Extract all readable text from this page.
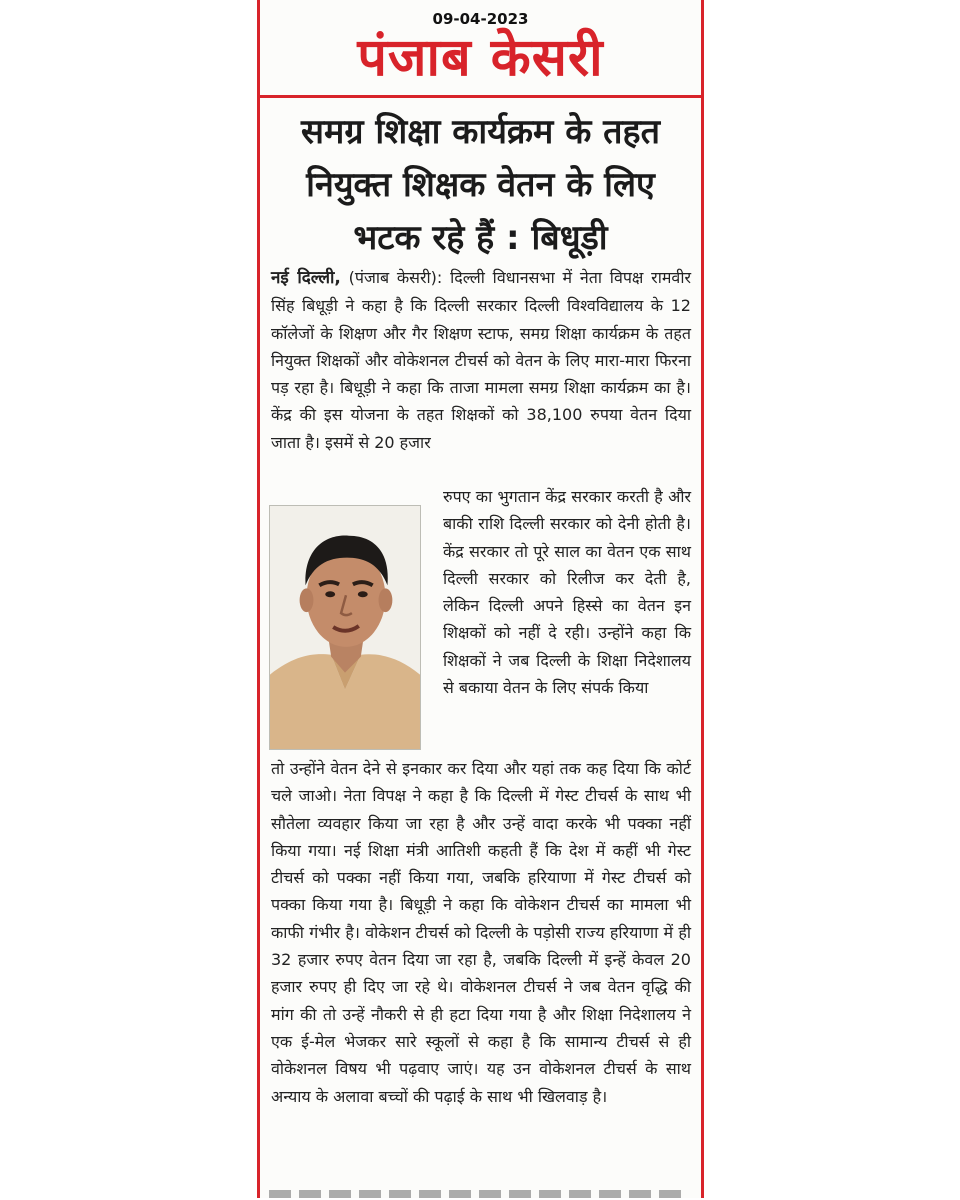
09-04-2023
पंजाब केसरी
समग्र शिक्षा कार्यक्रम के तहत नियुक्त शिक्षक वेतन के लिए भटक रहे हैं : बिधूड़ी
नई दिल्ली, (पंजाब केसरी): दिल्ली विधानसभा में नेता विपक्ष रामवीर सिंह बिधूड़ी ने कहा है कि दिल्ली सरकार दिल्ली विश्वविद्यालय के 12 कॉलेजों के शिक्षण और गैर शिक्षण स्टाफ, समग्र शिक्षा कार्यक्रम के तहत नियुक्त शिक्षकों और वोकेशनल टीचर्स को वेतन के लिए मारा-मारा फिरना पड़ रहा है। बिधूड़ी ने कहा कि ताजा मामला समग्र शिक्षा कार्यक्रम का है। केंद्र की इस योजना के तहत शिक्षकों को 38,100 रुपया वेतन दिया जाता है। इसमें से 20 हजार
रुपए का भुगतान केंद्र सरकार करती है और बाकी राशि दिल्ली सरकार को देनी होती है। केंद्र सरकार तो पूरे साल का वेतन एक साथ दिल्ली सरकार को रिलीज कर देती है, लेकिन दिल्ली अपने हिस्से का वेतन इन शिक्षकों को नहीं दे रही। उन्होंने कहा कि शिक्षकों ने जब दिल्ली के शिक्षा निदेशालय से बकाया वेतन के लिए संपर्क किया
तो उन्होंने वेतन देने से इनकार कर दिया और यहां तक कह दिया कि कोर्ट चले जाओ। नेता विपक्ष ने कहा है कि दिल्ली में गेस्ट टीचर्स के साथ भी सौतेला व्यवहार किया जा रहा है और उन्हें वादा करके भी पक्का नहीं किया गया। नई शिक्षा मंत्री आतिशी कहती हैं कि देश में कहीं भी गेस्ट टीचर्स को पक्का नहीं किया गया, जबकि हरियाणा में गेस्ट टीचर्स को पक्का किया गया है। बिधूड़ी ने कहा कि वोकेशन टीचर्स का मामला भी काफी गंभीर है। वोकेशन टीचर्स को दिल्ली के पड़ोसी राज्य हरियाणा में ही 32 हजार रुपए वेतन दिया जा रहा है, जबकि दिल्ली में इन्हें केवल 20 हजार रुपए ही दिए जा रहे थे। वोकेशनल टीचर्स ने जब वेतन वृद्धि की मांग की तो उन्हें नौकरी से ही हटा दिया गया है और शिक्षा निदेशालय ने एक ई-मेल भेजकर सारे स्कूलों से कहा है कि सामान्य टीचर्स से ही वोकेशनल विषय भी पढ़वाए जाएं। यह उन वोकेशनल टीचर्स के साथ अन्याय के अलावा बच्चों की पढ़ाई के साथ भी खिलवाड़ है।
